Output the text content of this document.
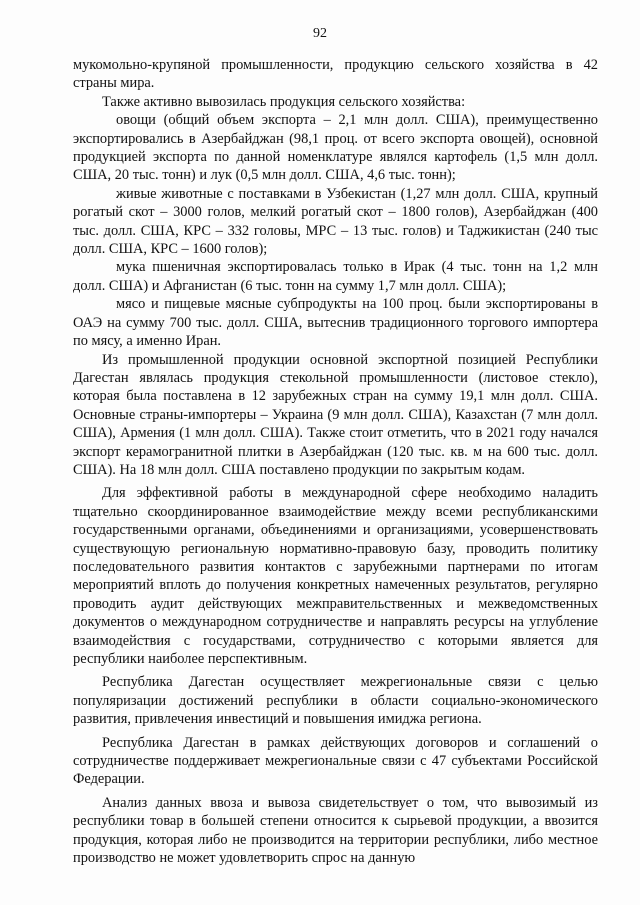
92

мукомольно-крупяной промышленности, продукцию сельского хозяйства в 42 страны мира.

Также активно вывозилась продукция сельского хозяйства:

овощи (общий объем экспорта – 2,1 млн долл. США), преимущественно экспортировались в Азербайджан (98,1 проц. от всего экспорта овощей), основной продукцией экспорта по данной номенклатуре являлся картофель (1,5 млн долл. США, 20 тыс. тонн) и лук (0,5 млн долл. США, 4,6 тыс. тонн);

живые животные с поставками в Узбекистан (1,27 млн долл. США, крупный рогатый скот – 3000 голов, мелкий рогатый скот – 1800 голов), Азербайджан (400 тыс. долл. США, КРС – 332 головы, МРС – 13 тыс. голов) и Таджикистан (240 тыс долл. США, КРС – 1600 голов);

мука пшеничная экспортировалась только в Ирак (4 тыс. тонн на 1,2 млн долл. США) и Афганистан (6 тыс. тонн на сумму 1,7 млн долл. США);

мясо и пищевые мясные субпродукты на 100 проц. были экспортированы в ОАЭ на сумму 700 тыс. долл. США, вытеснив традиционного торгового импортера по мясу, а именно Иран.

Из промышленной продукции основной экспортной позицией Республики Дагестан являлась продукция стекольной промышленности (листовое стекло), которая была поставлена в 12 зарубежных стран на сумму 19,1 млн долл. США. Основные страны-импортеры – Украина (9 млн долл. США), Казахстан (7 млн долл. США), Армения (1 млн долл. США). Также стоит отметить, что в 2021 году начался экспорт керамогранитной плитки в Азербайджан (120 тыс. кв. м на 600 тыс. долл. США). На 18 млн долл. США поставлено продукции по закрытым кодам.

Для эффективной работы в международной сфере необходимо наладить тщательно скоординированное взаимодействие между всеми республиканскими государственными органами, объединениями и организациями, усовершенствовать существующую региональную нормативно-правовую базу, проводить политику последовательного развития контактов с зарубежными партнерами по итогам мероприятий вплоть до получения конкретных намеченных результатов, регулярно проводить аудит действующих межправительственных и межведомственных документов о международном сотрудничестве и направлять ресурсы на углубление взаимодействия с государствами, сотрудничество с которыми является для республики наиболее перспективным.

Республика Дагестан осуществляет межрегиональные связи с целью популяризации достижений республики в области социально-экономического развития, привлечения инвестиций и повышения имиджа региона.

Республика Дагестан в рамках действующих договоров и соглашений о сотрудничестве поддерживает межрегиональные связи с 47 субъектами Российской Федерации.

Анализ данных ввоза и вывоза свидетельствует о том, что вывозимый из республики товар в большей степени относится к сырьевой продукции, а ввозится продукция, которая либо не производится на территории республики, либо местное производство не может удовлетворить спрос на данную
